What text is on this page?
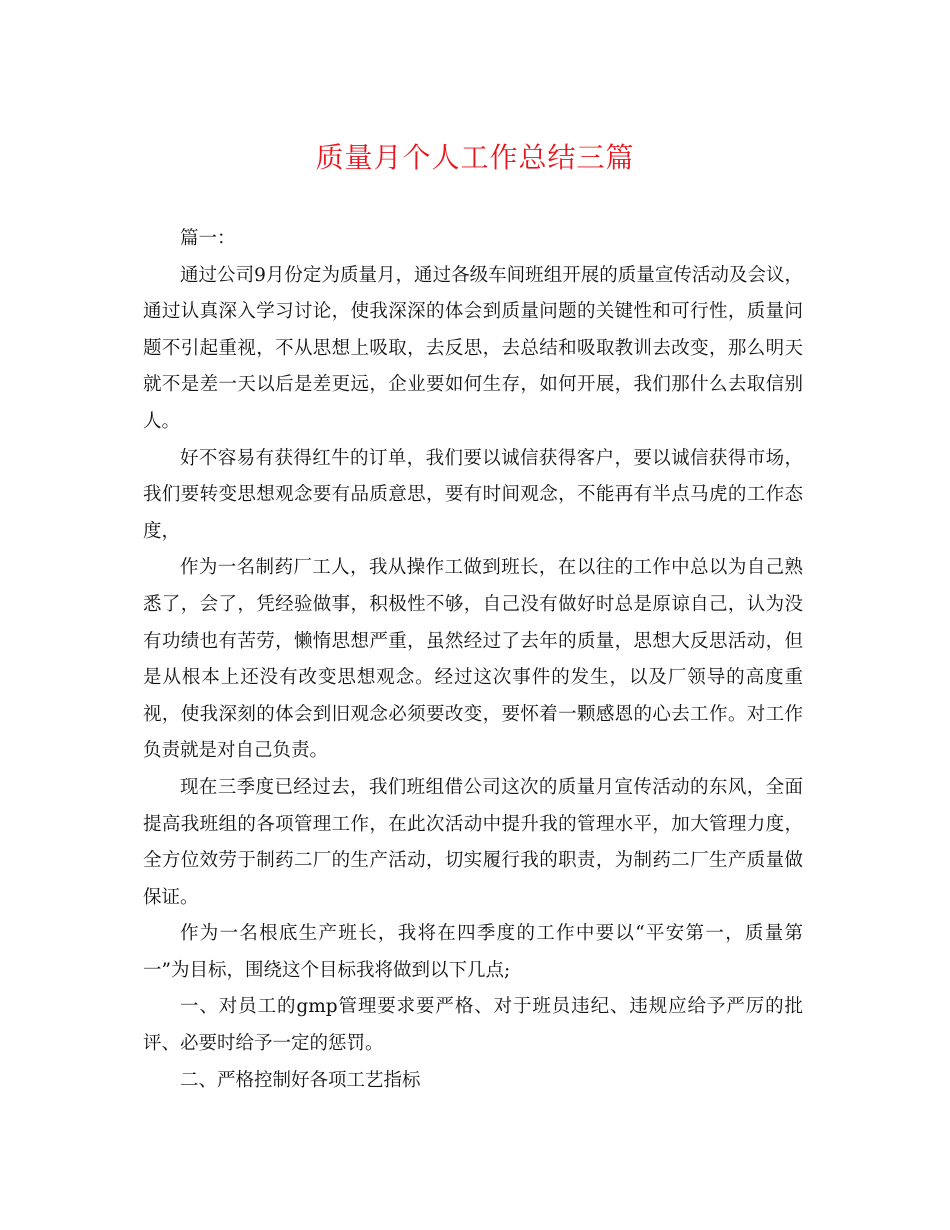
质量月个人工作总结三篇

篇一：

通过公司9月份定为质量月，通过各级车间班组开展的质量宣传活动及会议，通过认真深入学习讨论，使我深深的体会到质量问题的关键性和可行性，质量问题不引起重视，不从思想上吸取，去反思，去总结和吸取教训去改变，那么明天就不是差一天以后是差更远，企业要如何生存，如何开展，我们那什么去取信别人。

好不容易有获得红牛的订单，我们要以诚信获得客户，要以诚信获得市场，我们要转变思想观念要有品质意思，要有时间观念，不能再有半点马虎的工作态度，

作为一名制药厂工人，我从操作工做到班长，在以往的工作中总以为自己熟悉了，会了，凭经验做事，积极性不够，自己没有做好时总是原谅自己，认为没有功绩也有苦劳，懒惰思想严重，虽然经过了去年的质量，思想大反思活动，但是从根本上还没有改变思想观念。经过这次事件的发生，以及厂领导的高度重视，使我深刻的体会到旧观念必须要改变，要怀着一颗感恩的心去工作。对工作负责就是对自己负责。

现在三季度已经过去，我们班组借公司这次的质量月宣传活动的东风，全面提高我班组的各项管理工作，在此次活动中提升我的管理水平，加大管理力度，全方位效劳于制药二厂的生产活动，切实履行我的职责，为制药二厂生产质量做保证。

作为一名根底生产班长，我将在四季度的工作中要以“平安第一，质量第一”为目标，围绕这个目标我将做到以下几点;

一、对员工的gmp管理要求要严格、对于班员违纪、违规应给予严厉的批评、必要时给予一定的惩罚。

二、严格控制好各项工艺指标
